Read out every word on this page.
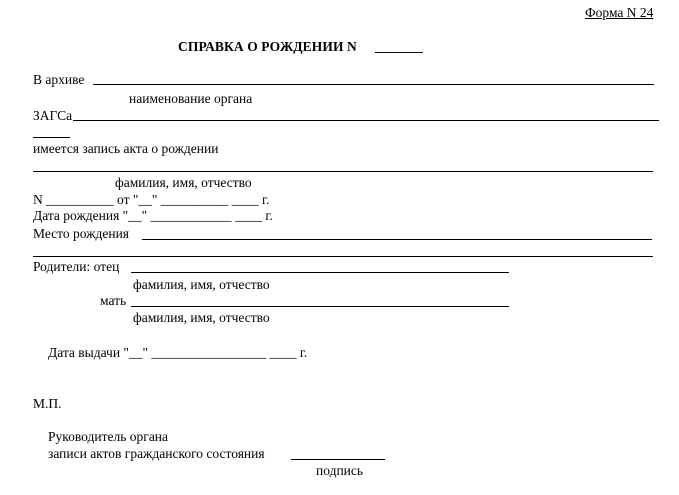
Форма N 24
СПРАВКА О РОЖДЕНИИ N _______
В архиве
наименование органа
ЗАГСа
имеется запись акта о рождении
фамилия, имя, отчество
N __________ от "__" __________ ____ г.
Дата рождения "__" ____________ ____ г.
Место рождения
Родители: отец
фамилия, имя, отчество
мать
фамилия, имя, отчество
Дата выдачи "__" _________________ ____ г.
М.П.
Руководитель органа
записи актов гражданского состояния
подпись
